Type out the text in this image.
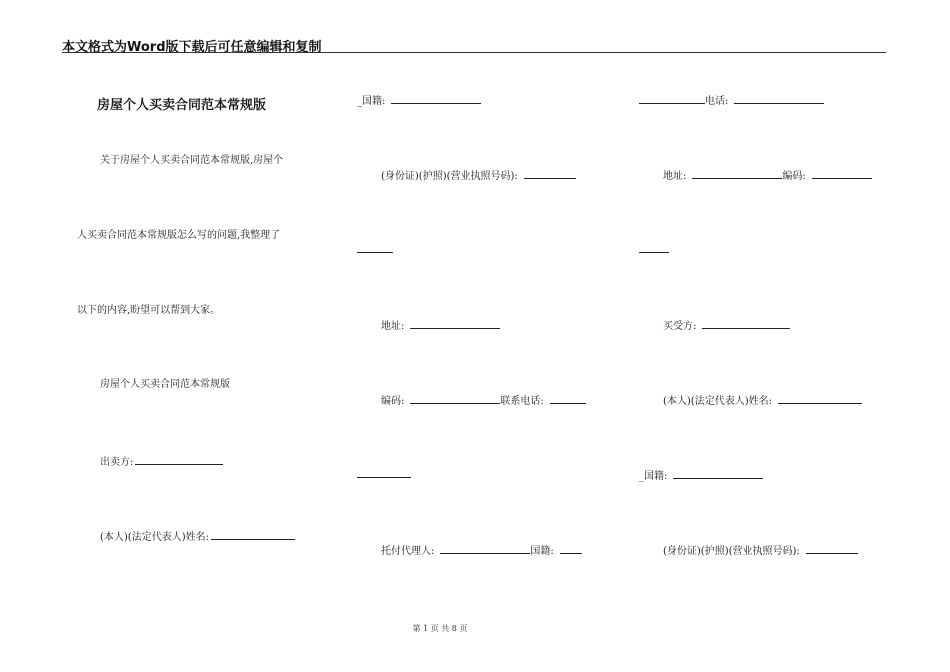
本文格式为Word版下载后可任意编辑和复制
房屋个人买卖合同范本常规版
关于房屋个人买卖合同范本常规版,房屋个
人买卖合同范本常规版怎么写的问题,我整理了
以下的内容,盼望可以帮到大家。
房屋个人买卖合同范本常规版
出卖方:
(本人)(法定代表人)姓名:
_国籍:
(身份证)(护照)(营业执照号码):
地址:
编码:	联系电话:
托付代理人:	国籍:
电话:
地址:	编码:
买受方:
(本人)(法定代表人)姓名:
_国籍:
(身份证)(护照)(营业执照号码):
第 1 页 共 8 页
